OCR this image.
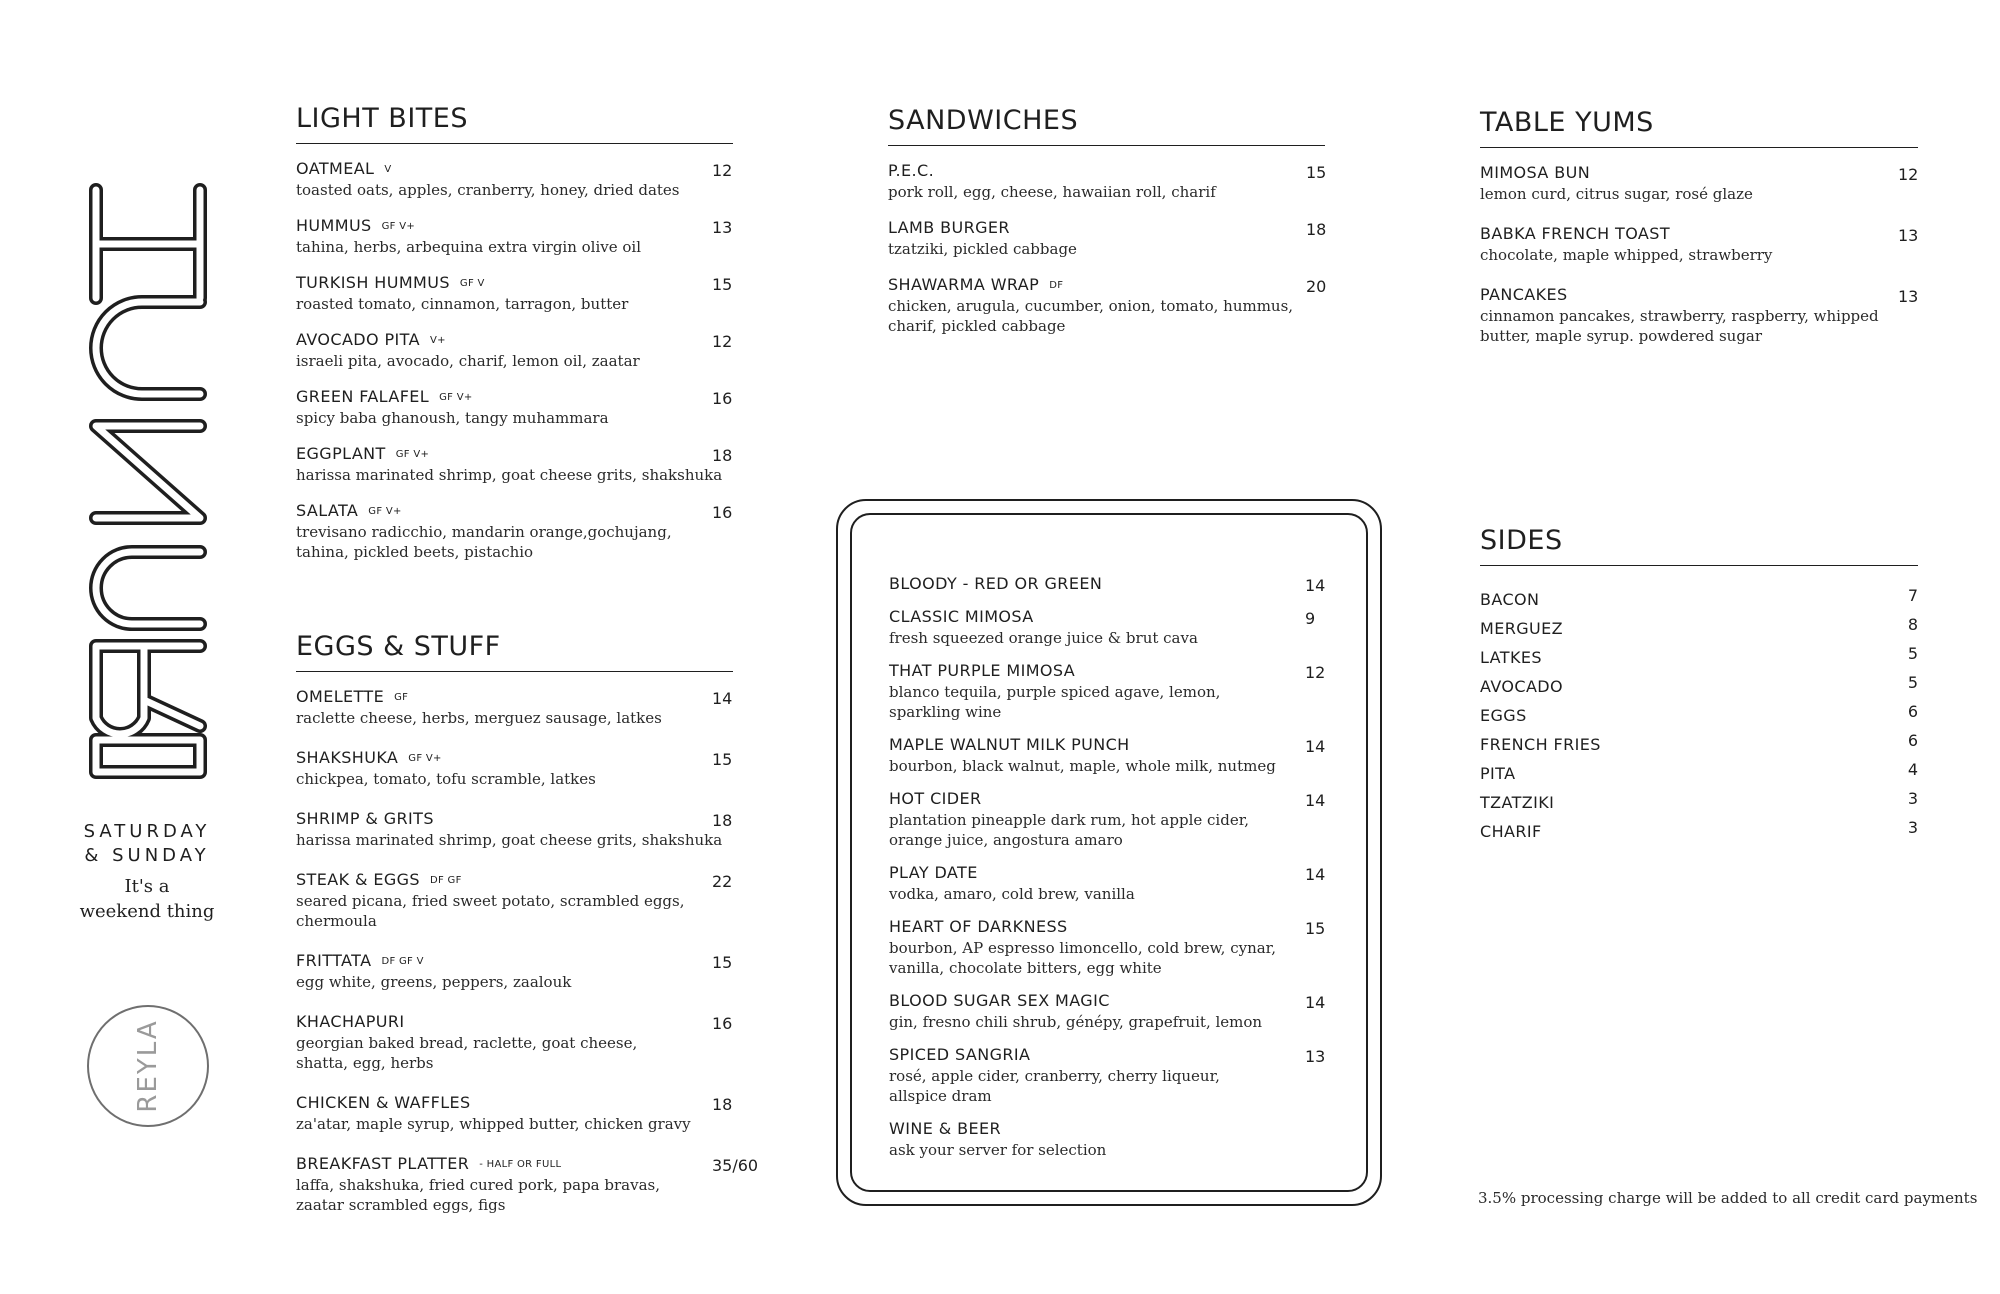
SATURDAY
& SUNDAY
It's a
weekend thing
REYLA
LIGHT BITES
OATMEAL V	12
toasted oats, apples, cranberry, honey, dried dates
HUMMUS GF V+	13
tahina, herbs, arbequina extra virgin olive oil
TURKISH HUMMUS GF V	15
roasted tomato, cinnamon, tarragon, butter
AVOCADO PITA V+	12
israeli pita, avocado, charif, lemon oil, zaatar
GREEN FALAFEL GF V+	16
spicy baba ghanoush, tangy muhammara
EGGPLANT GF V+	18
harissa marinated shrimp, goat cheese grits, shakshuka
SALATA GF V+	16
trevisano radicchio, mandarin orange,gochujang,
tahina, pickled beets, pistachio
EGGS & STUFF
OMELETTE GF	14
raclette cheese, herbs, merguez sausage, latkes
SHAKSHUKA GF V+	15
chickpea, tomato, tofu scramble, latkes
SHRIMP & GRITS	18
harissa marinated shrimp, goat cheese grits, shakshuka
STEAK & EGGS DF GF	22
seared picana, fried sweet potato, scrambled eggs,
chermoula
FRITTATA DF GF V	15
egg white, greens, peppers, zaalouk
KHACHAPURI	16
georgian baked bread, raclette, goat cheese,
shatta, egg, herbs
CHICKEN & WAFFLES	18
za'atar, maple syrup, whipped butter, chicken gravy
BREAKFAST PLATTER - HALF OR FULL	35/60
laffa, shakshuka, fried cured pork, papa bravas,
zaatar scrambled eggs, figs
SANDWICHES
P.E.C.	15
pork roll, egg, cheese, hawaiian roll, charif
LAMB BURGER	18
tzatziki, pickled cabbage
SHAWARMA WRAP DF	20
chicken, arugula, cucumber, onion, tomato, hummus,
charif, pickled cabbage
BLOODY - RED OR GREEN	14
CLASSIC MIMOSA	9
fresh squeezed orange juice & brut cava
THAT PURPLE MIMOSA	12
blanco tequila, purple spiced agave, lemon,
sparkling wine
MAPLE WALNUT MILK PUNCH	14
bourbon, black walnut, maple, whole milk, nutmeg
HOT CIDER	14
plantation pineapple dark rum, hot apple cider,
orange juice, angostura amaro
PLAY DATE	14
vodka, amaro, cold brew, vanilla
HEART OF DARKNESS	15
bourbon, AP espresso limoncello, cold brew, cynar,
vanilla, chocolate bitters, egg white
BLOOD SUGAR SEX MAGIC	14
gin, fresno chili shrub, génépy, grapefruit, lemon
SPICED SANGRIA	13
rosé, apple cider, cranberry, cherry liqueur,
allspice dram
WINE & BEER
ask your server for selection
TABLE YUMS
MIMOSA BUN	12
lemon curd, citrus sugar, rosé glaze
BABKA FRENCH TOAST	13
chocolate, maple whipped, strawberry
PANCAKES	13
cinnamon pancakes, strawberry, raspberry, whipped
butter, maple syrup. powdered sugar
SIDES
BACON	7
MERGUEZ	8
LATKES	5
AVOCADO	5
EGGS	6
FRENCH FRIES	6
PITA	4
TZATZIKI	3
CHARIF	3
3.5% processing charge will be added to all credit card payments
